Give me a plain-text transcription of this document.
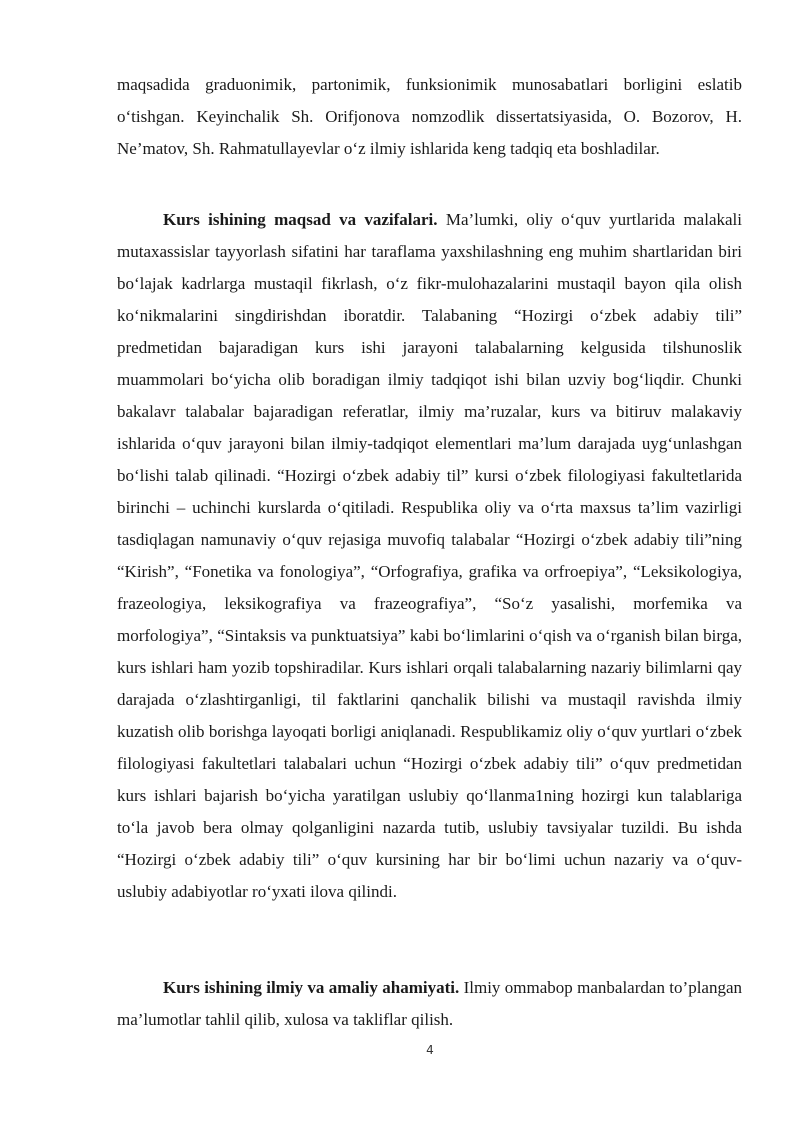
maqsadida graduonimik, partonimik, funksionimik munosabatlari borligini eslatib o‘tishgan. Keyinchalik Sh. Orifjonova nomzodlik dissertatsiyasida, O. Bozorov, H. Ne’matov, Sh. Rahmatullayevlar o‘z ilmiy ishlarida keng tadqiq eta boshladilar.

Kurs ishining maqsad va vazifalari. Ma’lumki, oliy o‘quv yurtlarida malakali mutaxassislar tayyorlash sifatini har taraflama yaxshilashning eng muhim shartlaridan biri bo‘lajak kadrlarga mustaqil fikrlash, o‘z fikr-mulohazalarini mustaqil bayon qila olish ko‘nikmalarini singdirishdan iboratdir. Talabaning “Hozirgi o‘zbek adabiy tili” predmetidan bajaradigan kurs ishi jarayoni talabalarning kelgusida tilshunoslik muammolari bo‘yicha olib boradigan ilmiy tadqiqot ishi bilan uzviy bog‘liqdir. Chunki bakalavr talabalar bajaradigan referatlar, ilmiy ma’ruzalar, kurs va bitiruv malakaviy ishlarida o‘quv jarayoni bilan ilmiy-tadqiqot elementlari ma’lum darajada uyg‘unlashgan bo‘lishi talab qilinadi. “Hozirgi o‘zbek adabiy til” kursi o‘zbek filologiyasi fakultetlarida birinchi – uchinchi kurslarda o‘qitiladi. Respublika oliy va o‘rta maxsus ta’lim vazirligi tasdiqlagan namunaviy o‘quv rejasiga muvofiq talabalar “Hozirgi o‘zbek adabiy tili”ning “Kirish”, “Fonetika va fonologiya”, “Orfografiya, grafika va orfroepiya”, “Leksikologiya, frazeologiya, leksikografiya va frazeografiya”, “So‘z yasalishi, morfemika va morfologiya”, “Sintaksis va punktuatsiya” kabi bo‘limlarini o‘qish va o‘rganish bilan birga, kurs ishlari ham yozib topshiradilar. Kurs ishlari orqali talabalarning nazariy bilimlarni qay darajada o‘zlashtirganligi, til faktlarini qanchalik bilishi va mustaqil ravishda ilmiy kuzatish olib borishga layoqati borligi aniqlanadi. Respublikamiz oliy o‘quv yurtlari o‘zbek filologiyasi fakultetlari talabalari uchun “Hozirgi o‘zbek adabiy tili” o‘quv predmetidan kurs ishlari bajarish bo‘yicha yaratilgan uslubiy qo‘llanma1ning hozirgi kun talablariga to‘la javob bera olmay qolganligini nazarda tutib, uslubiy tavsiyalar tuzildi. Bu ishda “Hozirgi o‘zbek adabiy tili” o‘quv kursining har bir bo‘limi uchun nazariy va o‘quv-uslubiy adabiyotlar ro‘yxati ilova qilindi.

Kurs ishining ilmiy va amaliy ahamiyati. Ilmiy ommabop manbalardan to’plangan ma’lumotlar tahlil qilib, xulosa va takliflar qilish.

4
